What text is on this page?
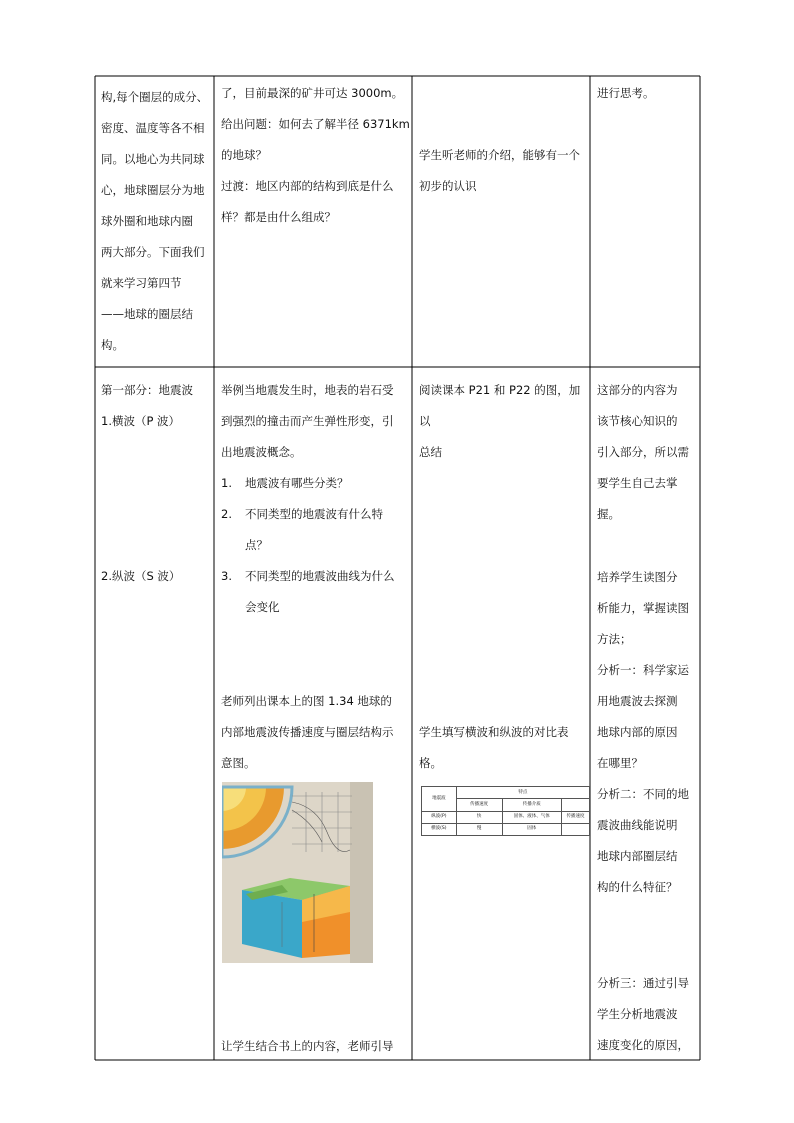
构,每个圈层的成分、

密度、温度等各不相

同。以地心为共同球

心，地球圈层分为地

球外圈和地球内圈

两大部分。下面我们

就来学习第四节

——地球的圈层结

构。

了，目前最深的矿井可达 3000m。

给出问题：如何去了解半径 6371km

的地球？

过渡：地区内部的结构到底是什么

样？都是由什么组成？

学生听老师的介绍，能够有一个

初步的认识

进行思考。

第一部分：地震波

1.横波（P 波）

2.纵波（S 波）

举例当地震发生时，地表的岩石受

到强烈的撞击而产生弹性形变，引

出地震波概念。

1. 地震波有哪些分类？

2. 不同类型的地震波有什么特

点？

3. 不同类型的地震波曲线为什么

会变化

老师列出课本上的图 1.34 地球的

内部地震波传播速度与圈层结构示

意图。

让学生结合书上的内容，老师引导

阅读课本 P21 和 P22 的图，加以

总结

学生填写横波和纵波的对比表

格。

地震波	特点		
	传播速度	传播介质	
纵波(P)	快	固体、液体、气体	传播速度
横波(S)	慢	固体	

这部分的内容为

该节核心知识的

引入部分，所以需

要学生自己去掌

握。

培养学生读图分

析能力，掌握读图

方法；

分析一：科学家运

用地震波去探测

地球内部的原因

在哪里？

分析二：不同的地

震波曲线能说明

地球内部圈层结

构的什么特征？

分析三：通过引导

学生分析地震波

速度变化的原因，
